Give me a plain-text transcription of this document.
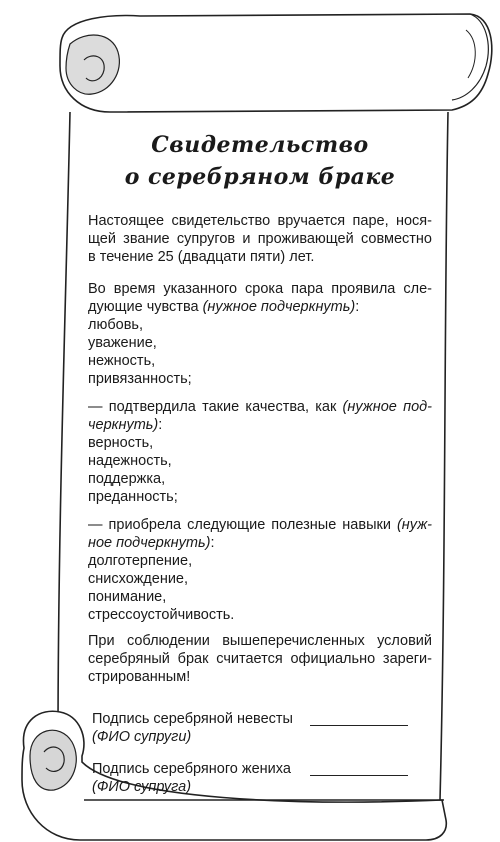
Свидетельство
о серебряном браке
Настоящее свидетельство вручается паре, нося-
щей звание супругов и проживающей совместно
в течение 25 (двадцати пяти) лет.
Во время указанного срока пара проявила сле-
дующие чувства (нужное подчеркнуть):
любовь,
уважение,
нежность,
привязанность;
— подтвердила такие качества, как (нужное под-
черкнуть):
верность,
надежность,
поддержка,
преданность;
— приобрела следующие полезные навыки (нуж-
ное подчеркнуть):
долготерпение,
снисхождение,
понимание,
стрессоустойчивость.
При соблюдении вышеперечисленных условий
серебряный брак считается официально зареги-
стрированным!
Подпись серебряной невесты
(ФИО супруги)
Подпись серебряного жениха
(ФИО супруга)
